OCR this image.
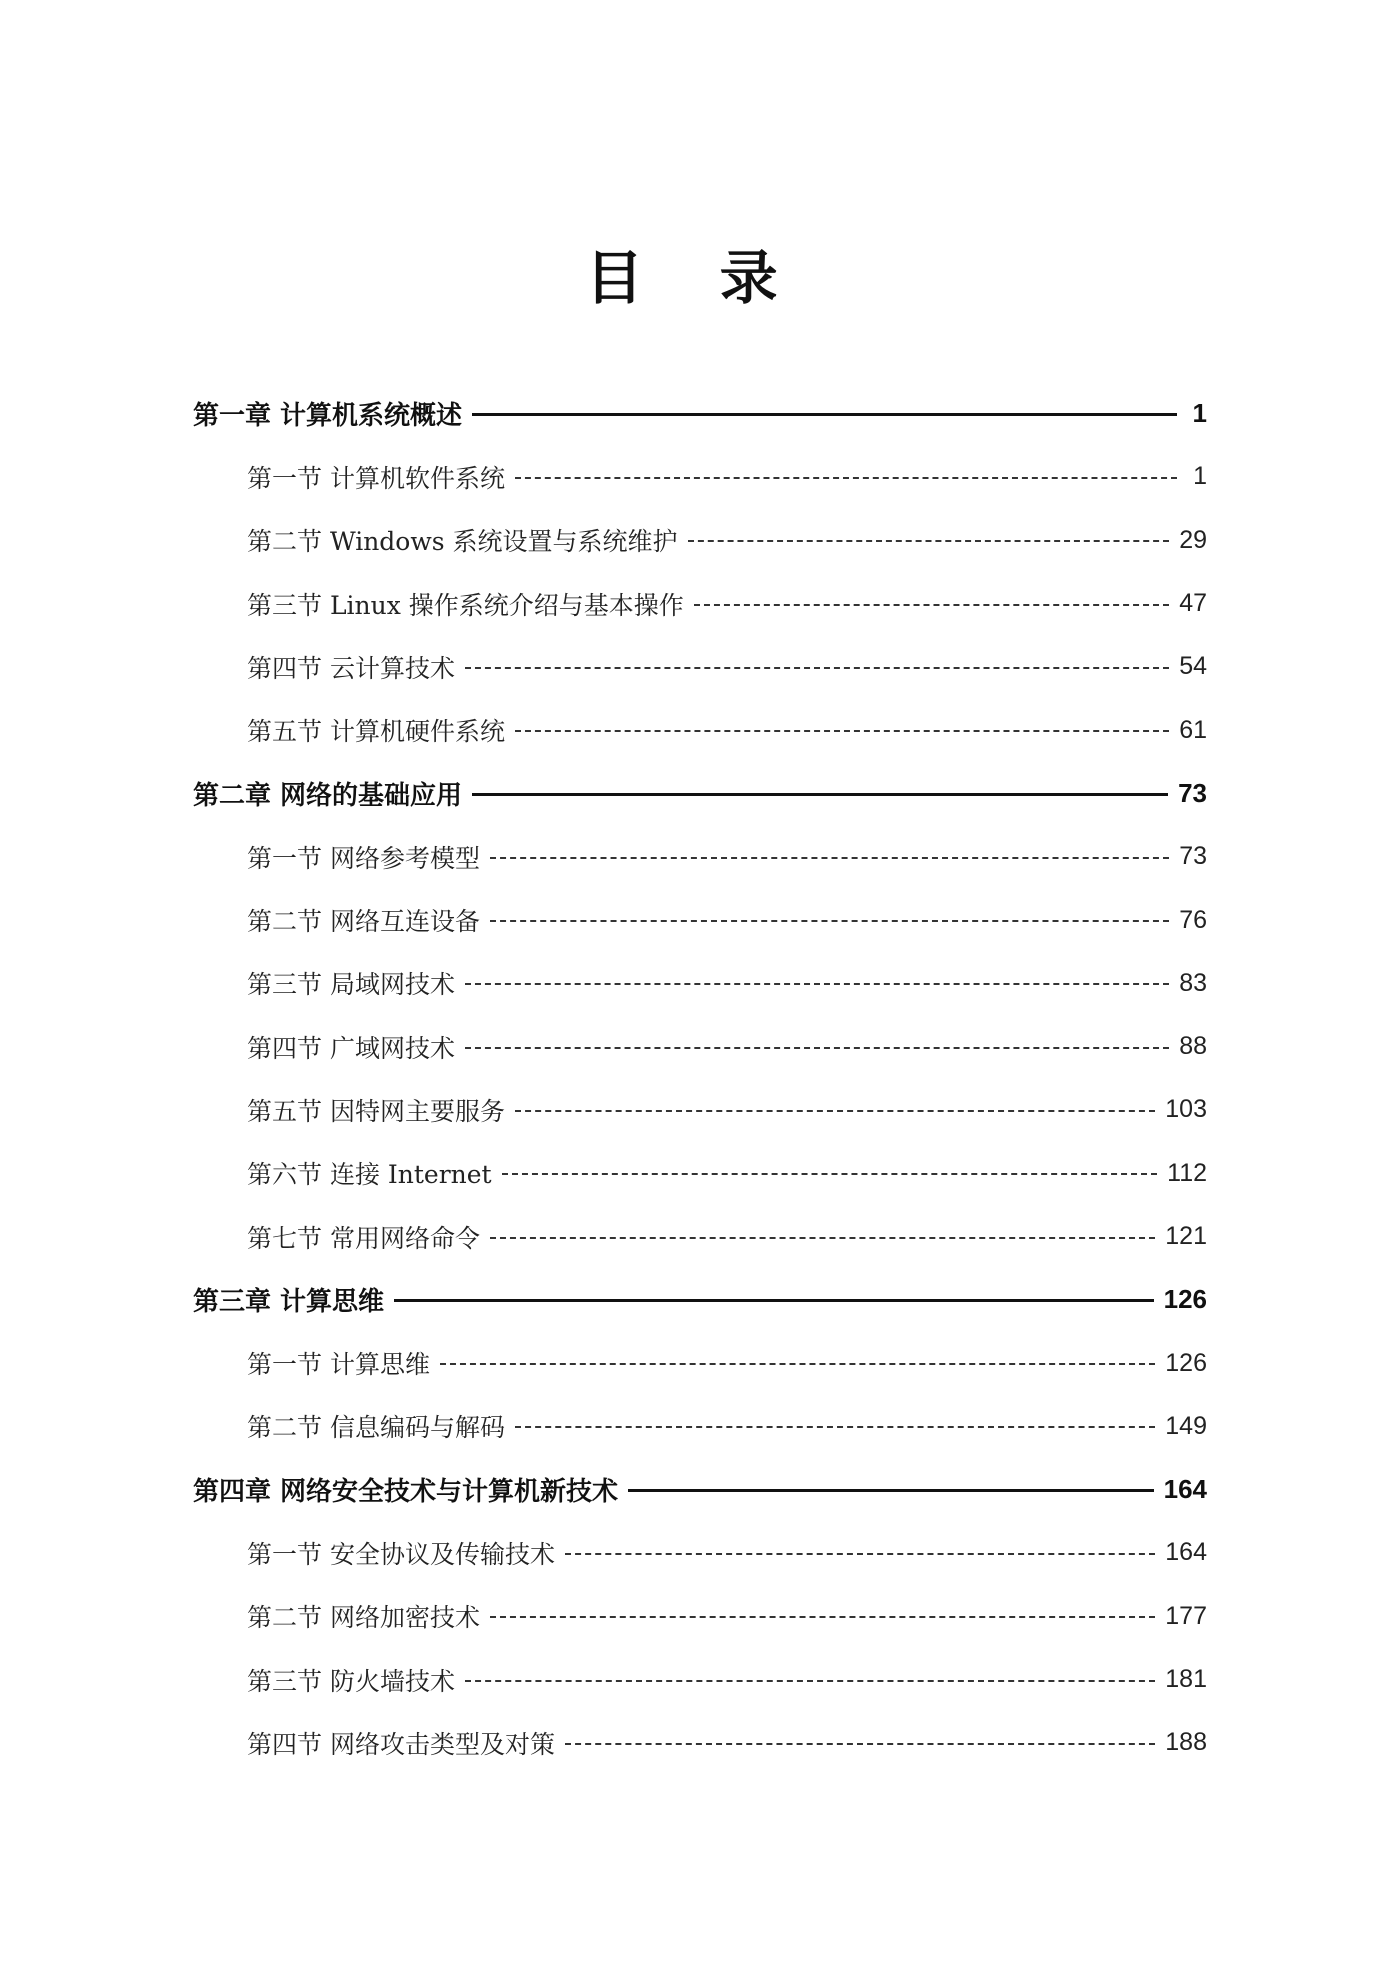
目 录
第一章 计算机系统概述	1
第一节 计算机软件系统	1
第二节 Windows 系统设置与系统维护	29
第三节 Linux 操作系统介绍与基本操作	47
第四节 云计算技术	54
第五节 计算机硬件系统	61
第二章 网络的基础应用	73
第一节 网络参考模型	73
第二节 网络互连设备	76
第三节 局域网技术	83
第四节 广域网技术	88
第五节 因特网主要服务	103
第六节 连接 Internet	112
第七节 常用网络命令	121
第三章 计算思维	126
第一节 计算思维	126
第二节 信息编码与解码	149
第四章 网络安全技术与计算机新技术	164
第一节 安全协议及传输技术	164
第二节 网络加密技术	177
第三节 防火墙技术	181
第四节 网络攻击类型及对策	188
